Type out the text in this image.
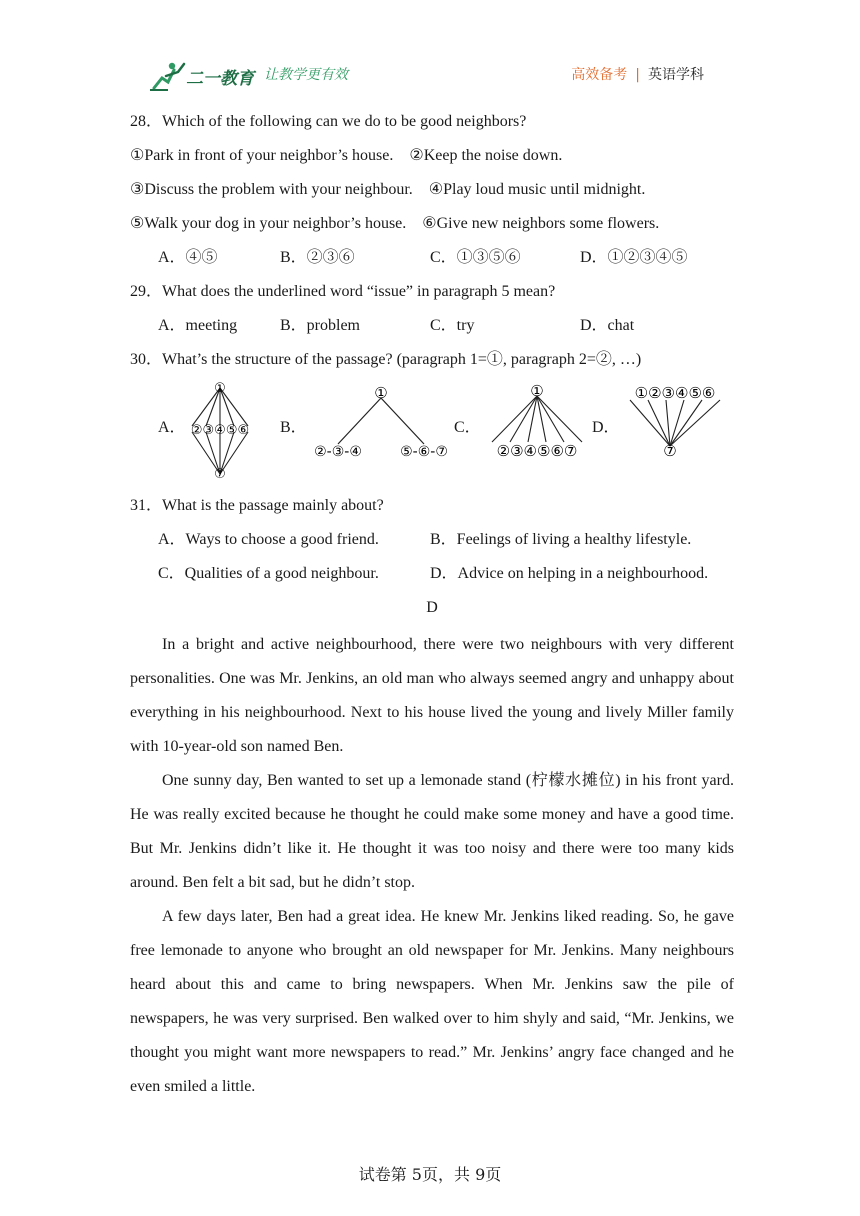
二一教育 让教学更有效	高效备考 | 英语学科
28．Which of the following can we do to be good neighbors?
①Park in front of your neighbor’s house. ②Keep the noise down.
③Discuss the problem with your neighbour. ④Play loud music until midnight.
⑤Walk your dog in your neighbor’s house. ⑥Give new neighbors some flowers.
A．④⑤	B．②③⑥	C．①③⑤⑥	D．①②③④⑤
29．What does the underlined word “issue” in paragraph 5 mean?
A．meeting	B．problem	C．try	D．chat
30．What’s the structure of the passage? (paragraph 1=①, paragraph 2=②, …)
A．
①
②③④⑤⑥
⑦
B．
①
②-③-④	⑤-⑥-⑦
C．
①
②③④⑤⑥⑦
D．
①②③④⑤⑥
⑦
31．What is the passage mainly about?
A．Ways to choose a good friend.	B．Feelings of living a healthy lifestyle.
C．Qualities of a good neighbour.	D．Advice on helping in a neighbourhood.
D

In a bright and active neighbourhood, there were two neighbours with very different personalities. One was Mr. Jenkins, an old man who always seemed angry and unhappy about everything in his neighbourhood. Next to his house lived the young and lively Miller family with 10-year-old son named Ben.

One sunny day, Ben wanted to set up a lemonade stand (柠檬水摊位) in his front yard. He was really excited because he thought he could make some money and have a good time. But Mr. Jenkins didn’t like it. He thought it was too noisy and there were too many kids around. Ben felt a bit sad, but he didn’t stop.

A few days later, Ben had a great idea. He knew Mr. Jenkins liked reading. So, he gave free lemonade to anyone who brought an old newspaper for Mr. Jenkins. Many neighbours heard about this and came to bring newspapers. When Mr. Jenkins saw the pile of newspapers, he was very surprised. Ben walked over to him shyly and said, “Mr. Jenkins, we thought you might want more newspapers to read.” Mr. Jenkins’ angry face changed and he even smiled a little.

试卷第 5页，共 9页
